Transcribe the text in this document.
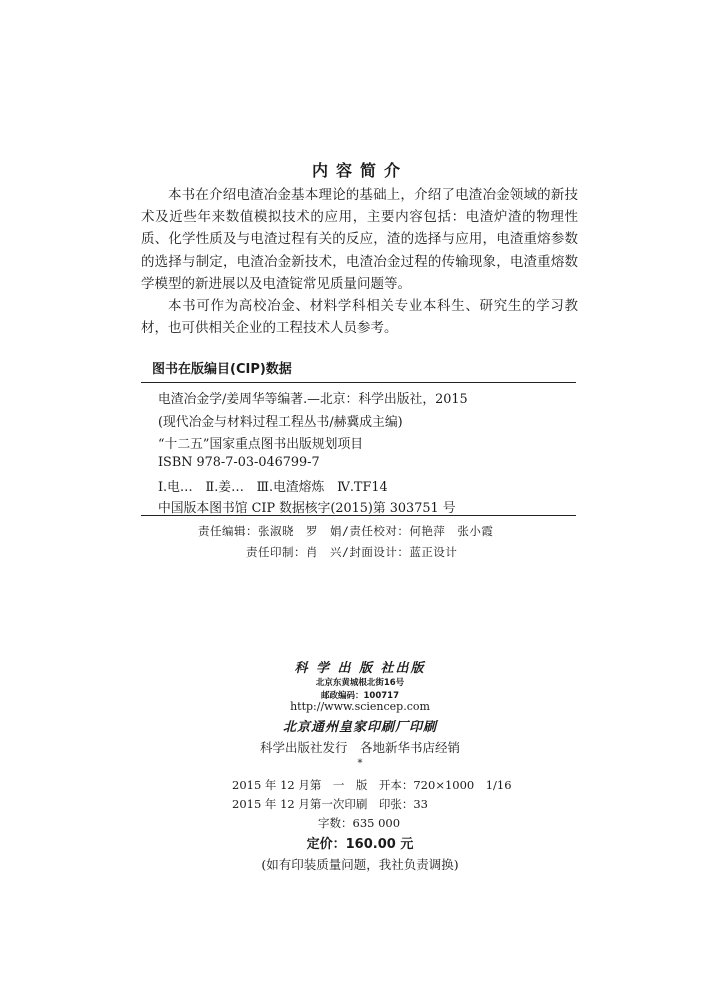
内容简介

本书在介绍电渣冶金基本理论的基础上，介绍了电渣冶金领域的新技术及近些年来数值模拟技术的应用，主要内容包括：电渣炉渣的物理性质、化学性质及与电渣过程有关的反应，渣的选择与应用，电渣重熔参数的选择与制定，电渣冶金新技术，电渣冶金过程的传输现象，电渣重熔数学模型的新进展以及电渣锭常见质量问题等。

本书可作为高校冶金、材料学科相关专业本科生、研究生的学习教材，也可供相关企业的工程技术人员参考。

图书在版编目(CIP)数据
电渣冶金学/姜周华等编著.—北京：科学出版社，2015
(现代冶金与材料过程工程丛书/赫冀成主编)
“十二五”国家重点图书出版规划项目
ISBN 978-7-03-046799-7
Ⅰ.电…　Ⅱ.姜…　Ⅲ.电渣熔炼　Ⅳ.TF14
中国版本图书馆 CIP 数据核字(2015)第 303751 号
责任编辑：张淑晓　罗　娟/责任校对：何艳萍　张小霞
责任印制：肖　兴/封面设计：蓝正设计
科 学 出 版 社出版
北京东黄城根北街16号
邮政编码：100717
http://www.sciencep.com
北京通州皇家印刷厂印刷
科学出版社发行　各地新华书店经销
*
2015 年 12 月第　一　版　开本：720×1000　1/16
2015 年 12 月第一次印刷　印张：33
字数：635 000
定价：160.00 元
(如有印装质量问题，我社负责调换)
